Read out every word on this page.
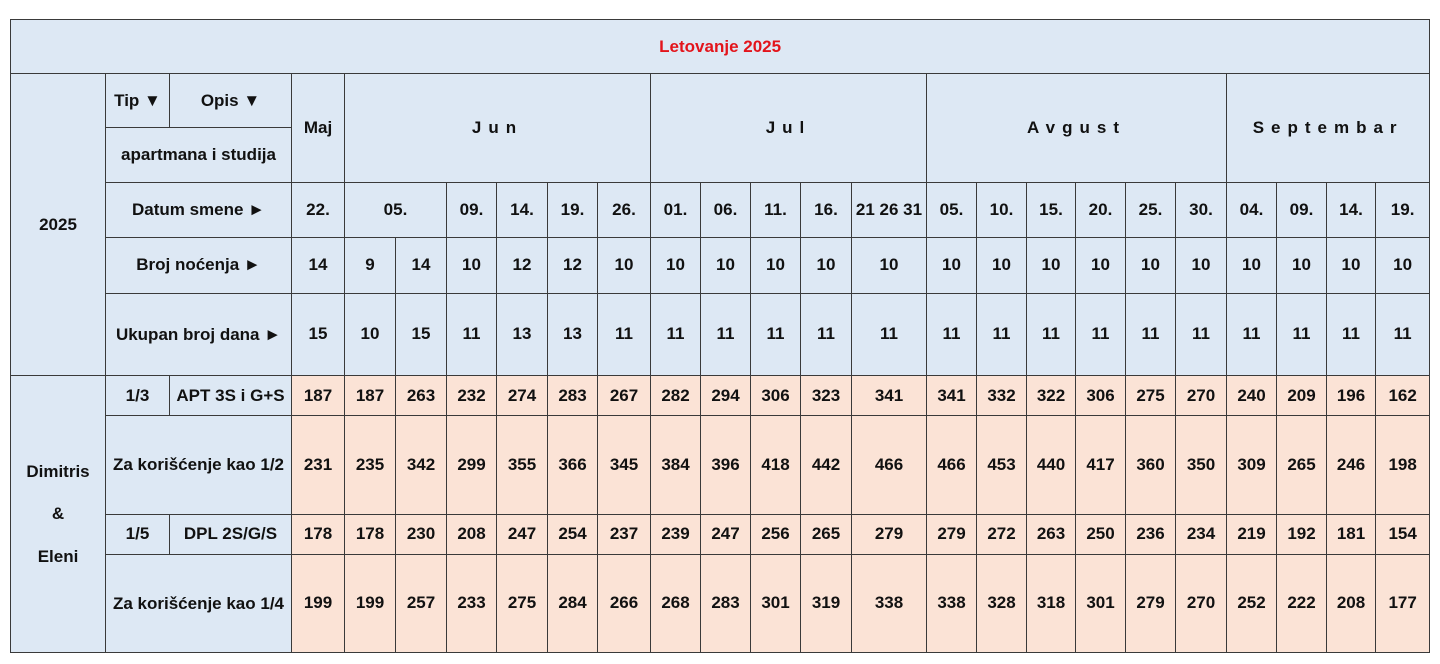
Letovanje 2025																								
2025	Tip ▼	Opis ▼	Maj	Jun						Jul					Avgust						Septembar			
	apartmana i studija																							
	Datum smene ►		22.	05.		09.	14.	19.	26.	01.	06.	11.	16.	21 26 31	05.	10.	15.	20.	25.	30.	04.	09.	14.	19.
	Broj noćenja ►		14	9	14	10	12	12	10	10	10	10	10	10	10	10	10	10	10	10	10	10	10	10
	Ukupan broj dana ►		15	10	15	11	13	13	11	11	11	11	11	11	11	11	11	11	11	11	11	11	11	11
Dimitris

&

Eleni	1/3	APT 3S i G+S	187	187	263	232	274	283	267	282	294	306	323	341	341	332	322	306	275	270	240	209	196	162
	Za korišćenje kao 1/2		231	235	342	299	355	366	345	384	396	418	442	466	466	453	440	417	360	350	309	265	246	198
	1/5	DPL 2S/G/S	178	178	230	208	247	254	237	239	247	256	265	279	279	272	263	250	236	234	219	192	181	154
	Za korišćenje kao 1/4		199	199	257	233	275	284	266	268	283	301	319	338	338	328	318	301	279	270	252	222	208	177
